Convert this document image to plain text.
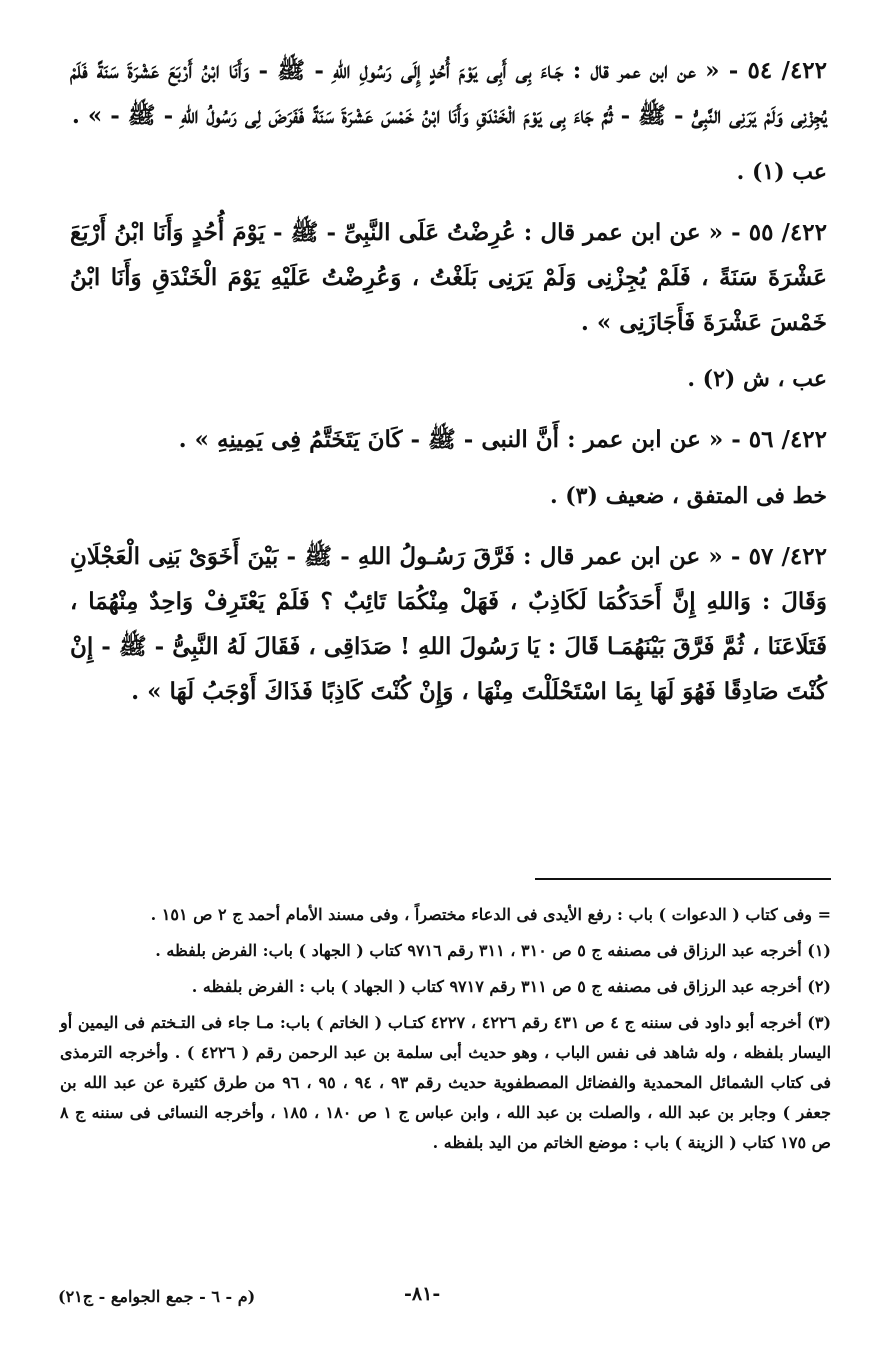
٤٢٢/ ٥٤ - « عن ابن عمر قال : جَـاءَ بِى أَبِى يَوْمَ أُحُدٍ إِلَى رَسُولِ اللهِ - ﷺ - وَأَنَا ابْنُ أَرْبَعَ عَشْرَةَ سَنَةً فَلَمْ يُجِزْنِى وَلَمْ يَرَنِى النَّبِىُّ - ﷺ - ثُمَّ جَاءَ بِى يَوْمَ الْخَنْدَقِ وَأَنَا ابْنُ خَمْسَ عَشْرَةَ سَنَةً فَفَرَضَ لِى رَسُولُ اللهِ - ﷺ - » .

عب (١) .

٤٢٢/ ٥٥ - « عن ابن عمر قال : عُرِضْتُ عَلَى النَّبِىِّ - ﷺ - يَوْمَ أُحُدٍ وَأَنَا ابْنُ أَرْبَعَ عَشْرَةَ سَنَةً ، فَلَمْ يُجِزْنِى وَلَمْ يَرَنِى بَلَغْتُ ، وَعُرِضْتُ عَلَيْهِ يَوْمَ الْخَنْدَقِ وَأَنَا ابْنُ خَمْسَ عَشْرَةَ فَأَجَازَنِى » .

عب ، ش (٢) .

٤٢٢/ ٥٦ - « عن ابن عمر : أَنَّ النبى - ﷺ - كَانَ يَتَخَتَّمُ فِى يَمِينِهِ » .

خط فى المتفق ، ضعيف (٣) .

٤٢٢/ ٥٧ - « عن ابن عمر قال : فَرَّقَ رَسُـولُ اللهِ - ﷺ - بَيْنَ أَخَوَىْ بَنِى الْعَجْلَانِ وَقَالَ : وَاللهِ إِنَّ أَحَدَكُمَا لَكَاذِبٌ ، فَهَلْ مِنْكُمَا تَائِبٌ ؟ فَلَمْ يَعْتَرِفْ وَاحِدٌ مِنْهُمَا ، فَتَلَاعَنَا ، ثُمَّ فَرَّقَ بَيْنَهُمَـا قَالَ : يَا رَسُولَ اللهِ ! صَدَاقِى ، فَقَالَ لَهُ النَّبِىُّ - ﷺ - إِنْ كُنْتَ صَادِقًا فَهُوَ لَهَا بِمَا اسْتَحْلَلْتَ مِنْهَا ، وَإِنْ كُنْتَ كَاذِبًا فَذَاكَ أَوْجَبُ لَهَا » .

= وفى كتاب ( الدعوات ) باب : رفع الأيدى فى الدعاء مختصراً ، وفى مسند الأمام أحمد ج ٢ ص ١٥١ .

(١) أخرجه عبد الرزاق فى مصنفه ج ٥ ص ٣١٠ ، ٣١١ رقم ٩٧١٦ كتاب ( الجهاد ) باب: الفرض بلفظه .

(٢) أخرجه عبد الرزاق فى مصنفه ج ٥ ص ٣١١ رقم ٩٧١٧ كتاب ( الجهاد ) باب : الفرض بلفظه .

(٣) أخرجه أبو داود فى سننه ج ٤ ص ٤٣١ رقم ٤٢٢٦ ، ٤٢٢٧ كتـاب ( الخاتم ) باب: مـا جاء فى التـختم فى اليمين أو اليسار بلفظه ، وله شاهد فى نفس الباب ، وهو حديث أبى سلمة بن عبد الرحمن رقم ( ٤٢٢٦ ) . وأخرجه الترمذى فى كتاب الشمائل المحمدية والفضائل المصطفوية حديث رقم ٩٣ ، ٩٤ ، ٩٥ ، ٩٦ من طرق كثيرة عن عبد الله بن جعفر ) وجابر بن عبد الله ، والصلت بن عبد الله ، وابن عباس ج ١ ص ١٨٠ ، ١٨٥ ، وأخرجه النسائى فى سننه ج ٨ ص ١٧٥ كتاب ( الزينة ) باب : موضع الخاتم من اليد بلفظه .

-٨١-
(م - ٦ - جمع الجوامع - ج٢١)
